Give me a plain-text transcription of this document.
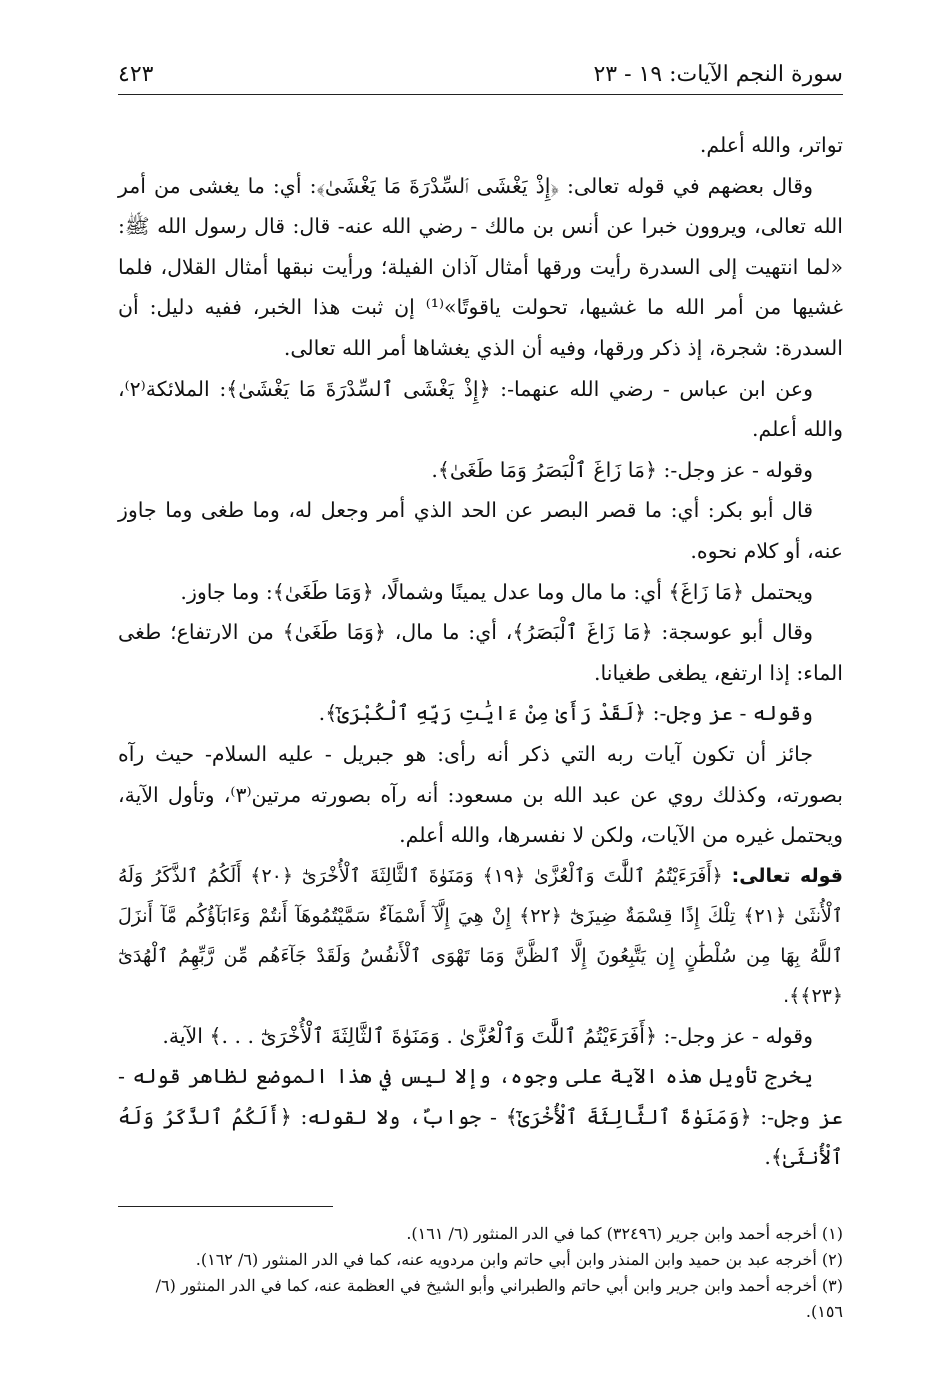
سورة النجم الآيات: ١٩ - ٢٣
٤٢٣

تواتر، والله أعلم.

وقال بعضهم في قوله تعالى: ﴿إِذْ يَغْشَى ٱلسِّدْرَةَ مَا يَغْشَىٰ﴾: أي: ما يغشى من أمر الله تعالى، ويروون خبرا عن أنس بن مالك - رضي الله عنه- قال: قال رسول الله ﷺ: «لما انتهيت إلى السدرة رأيت ورقها أمثال آذان الفيلة؛ ورأيت نبقها أمثال القلال، فلما غشيها من أمر الله ما غشيها، تحولت ياقوتًا»⁽¹⁾ إن ثبت هذا الخبر، ففيه دليل: أن السدرة: شجرة، إذ ذكر ورقها، وفيه أن الذي يغشاها أمر الله تعالى.

وعن ابن عباس - رضي الله عنهما-: ﴿إِذْ يَغْشَى ٱلسِّدْرَةَ مَا يَغْشَىٰ﴾: الملائكة⁽٢⁾، والله أعلم.

وقوله - عز وجل-: ﴿مَا زَاغَ ٱلْبَصَرُ وَمَا طَغَىٰ﴾.

قال أبو بكر: أي: ما قصر البصر عن الحد الذي أمر وجعل له، وما طغى وما جاوز عنه، أو كلام نحوه.

ويحتمل ﴿مَا زَاغَ﴾ أي: ما مال وما عدل يمينًا وشمالًا، ﴿وَمَا طَغَىٰ﴾: وما جاوز.

وقال أبو عوسجة: ﴿مَا زَاغَ ٱلْبَصَرُ﴾، أي: ما مال، ﴿وَمَا طَغَىٰ﴾ من الارتفاع؛ طغى الماء: إذا ارتفع، يطغى طغيانا.

وقوله - عز وجل-: ﴿لَقَدْ رَأَىٰ مِنْ ءَايَٰتِ رَبِّهِ ٱلْكُبْرَىٰٓ﴾.

جائز أن تكون آيات ربه التي ذكر أنه رأى: هو جبريل - عليه السلام- حيث رآه بصورته، وكذلك روي عن عبد الله بن مسعود: أنه رآه بصورته مرتين⁽٣⁾، وتأول الآية، ويحتمل غيره من الآيات، ولكن لا نفسرها، والله أعلم.

قوله تعالى: ﴿أَفَرَءَيْتُمُ ٱللَّٰتَ وَٱلْعُزَّىٰ ﴿١٩﴾ وَمَنَوٰةَ ٱلثَّالِثَةَ ٱلْأُخْرَىٰٓ ﴿٢٠﴾ أَلَكُمُ ٱلذَّكَرُ وَلَهُ ٱلْأُنثَىٰ ﴿٢١﴾ تِلْكَ إِذًا قِسْمَةٌ ضِيزَىٰٓ ﴿٢٢﴾ إِنْ هِيَ إِلَّآ أَسْمَآءٌ سَمَّيْتُمُوهَآ أَنتُمْ وَءَابَآؤُكُم مَّآ أَنزَلَ ٱللَّهُ بِهَا مِن سُلْطَٰنٍ إِن يَتَّبِعُونَ إِلَّا ٱلظَّنَّ وَمَا تَهْوَى ٱلْأَنفُسُ وَلَقَدْ جَآءَهُم مِّن رَّبِّهِمُ ٱلْهُدَىٰٓ ﴿٢٣﴾﴾.

وقوله - عز وجل-: ﴿أَفَرَءَيْتُمُ ٱللَّٰتَ وَٱلْعُزَّىٰ . وَمَنَوٰةَ ٱلثَّالِثَةَ ٱلْأُخْرَىٰٓ . . .﴾ الآية.

يخرج تأويل هذه الآية على وجوه، وإلا ليس في هذا الموضع لظاهر قوله - عز وجل-: ﴿وَمَنَوٰةَ ٱلثَّالِثَةَ ٱلْأُخْرَىٰٓ﴾ - جوابٌ، ولا لقوله: ﴿أَلَكُمُ ٱلذَّكَرُ وَلَهُ ٱلْأُنثَىٰ﴾.

(١) أخرجه أحمد وابن جرير (٣٢٤٩٦) كما في الدر المنثور (٦/ ١٦١).

(٢) أخرجه عبد بن حميد وابن المنذر وابن أبي حاتم وابن مردويه عنه، كما في الدر المنثور (٦/ ١٦٢).

(٣) أخرجه أحمد وابن جرير وابن أبي حاتم والطبراني وأبو الشيخ في العظمة عنه، كما في الدر المنثور (٦/ ١٥٦).
